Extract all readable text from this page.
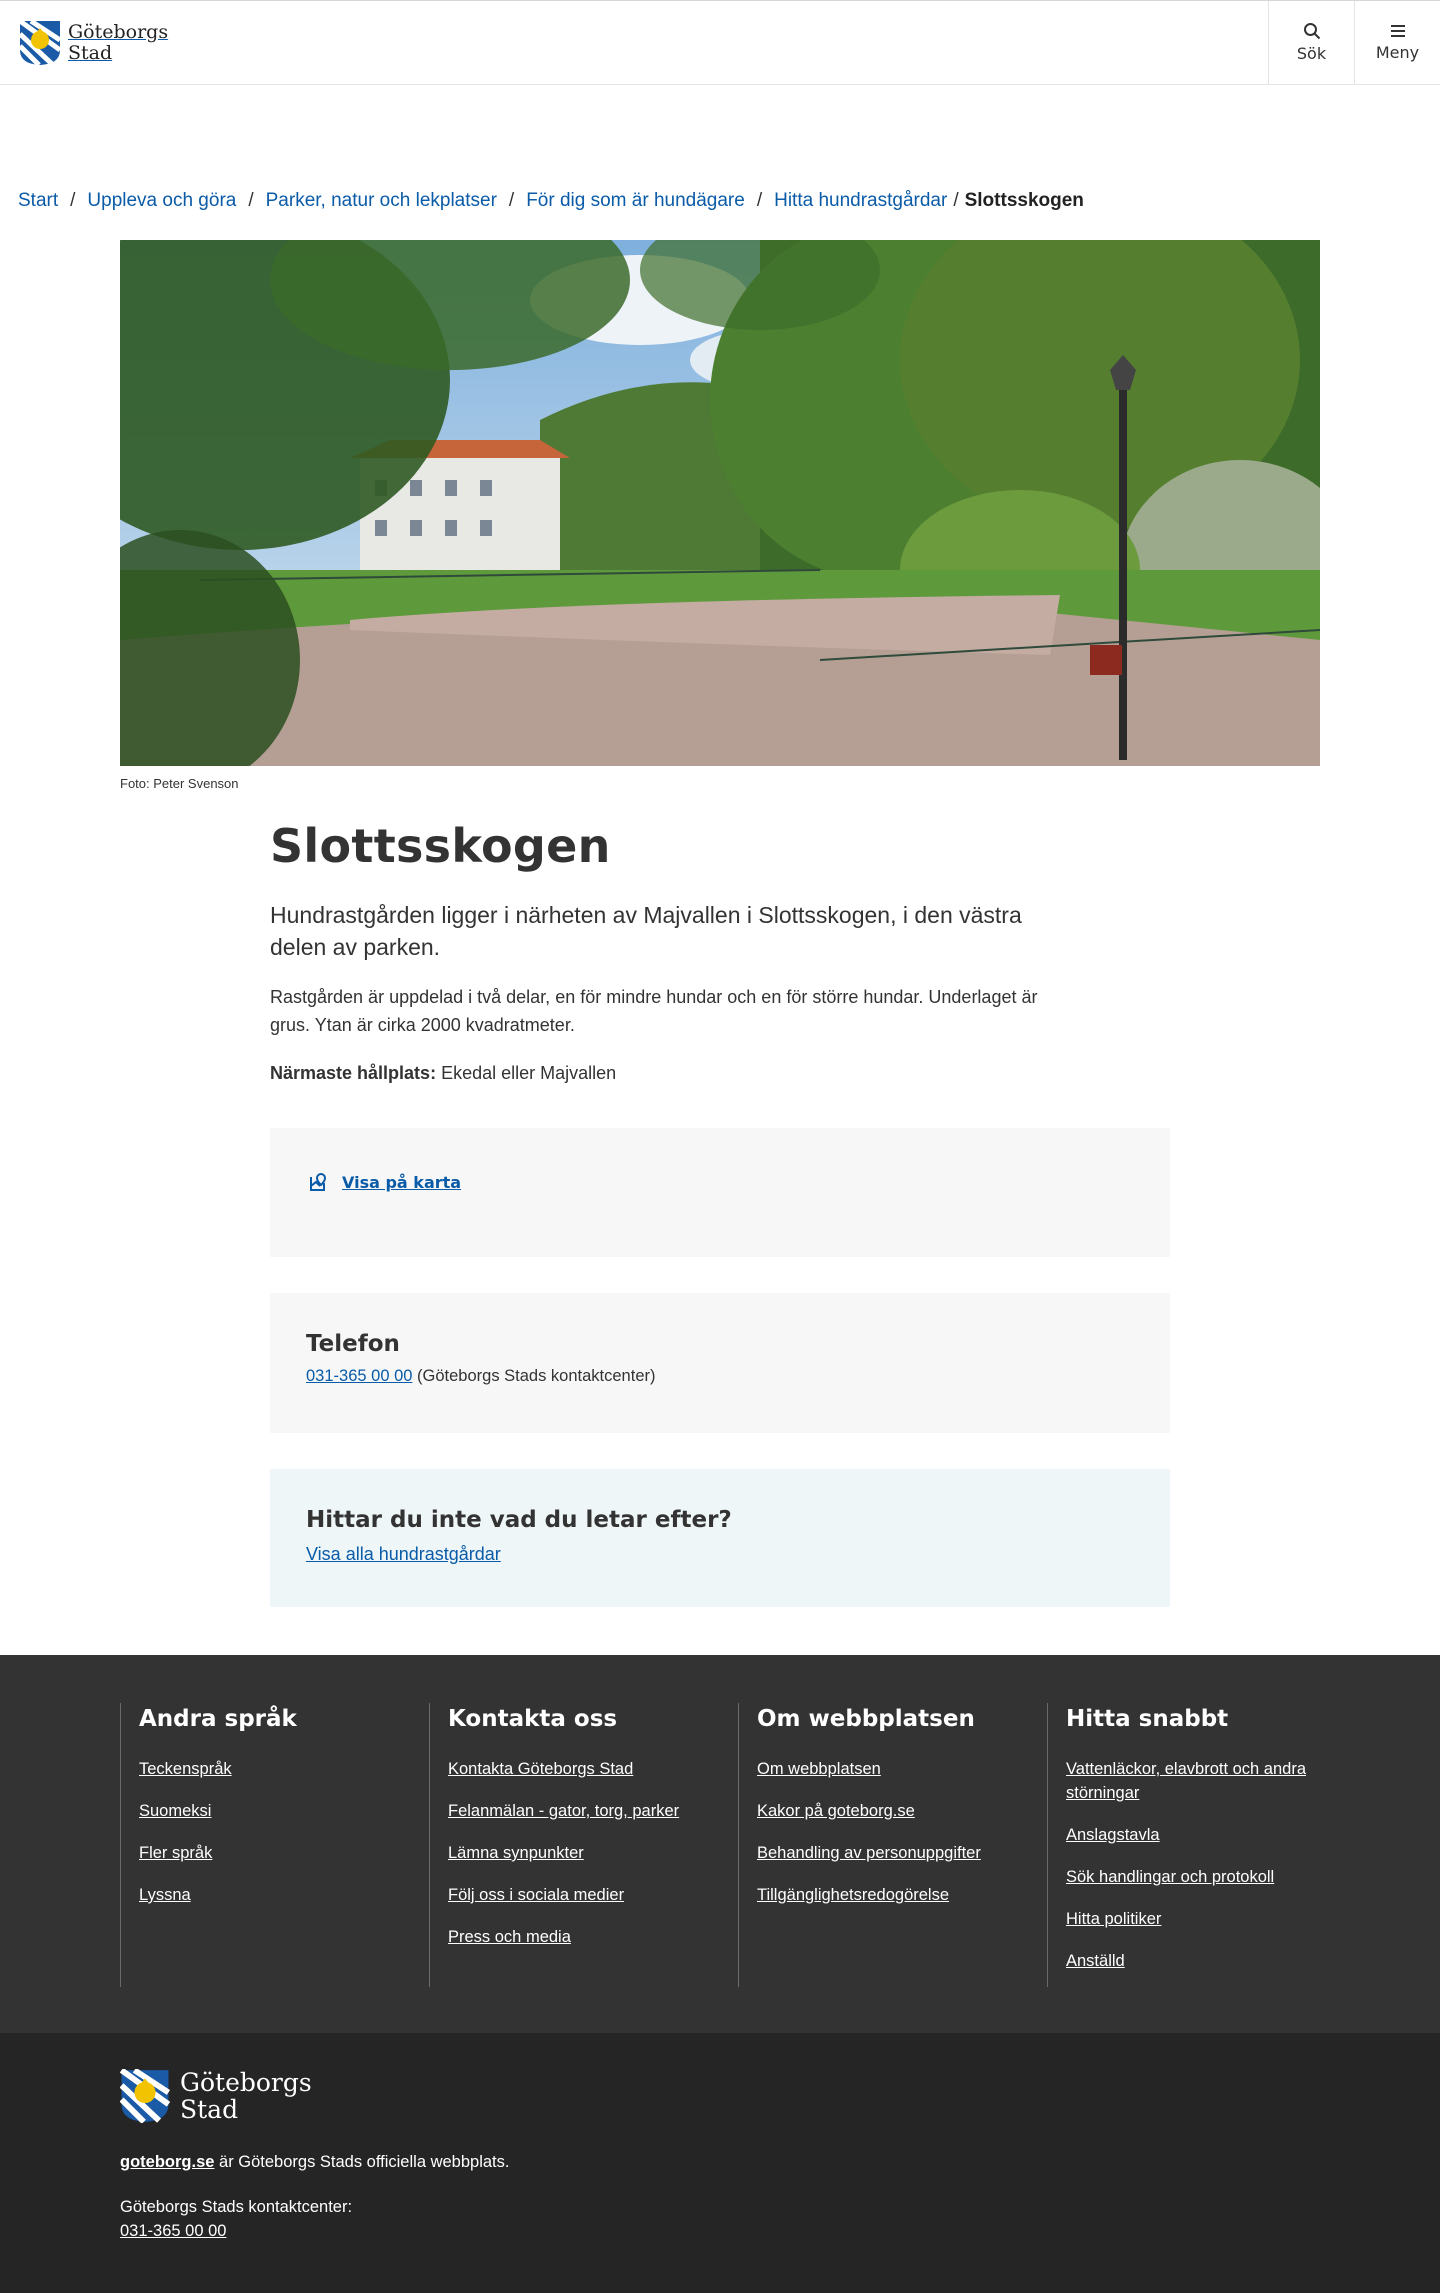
Göteborgs
Stad	Sök	Meny
Start / Uppleva och göra / Parker, natur och lekplatser / För dig som är hundägare / Hitta hundrastgårdar / Slottsskogen
Foto: Peter Svenson
Slottsskogen

Hundrastgården ligger i närheten av Majvallen i Slottsskogen, i den västra delen av parken.

Rastgården är uppdelad i två delar, en för mindre hundar och en för större hundar. Underlaget är grus. Ytan är cirka 2000 kvadratmeter.

Närmaste hållplats: Ekedal eller Majvallen

Visa på karta
Telefon
031-365 00 00 (Göteborgs Stads kontaktcenter)
Hittar du inte vad du letar efter?
Visa alla hundrastgårdar
Andra språk
Teckenspråk
Suomeksi
Fler språk
Lyssna
Kontakta oss
Kontakta Göteborgs Stad
Felanmälan - gator, torg, parker
Lämna synpunkter
Följ oss i sociala medier
Press och media
Om webbplatsen
Om webbplatsen
Kakor på goteborg.se
Behandling av personuppgifter
Tillgänglighetsredogörelse
Hitta snabbt
Vattenläckor, elavbrott och andra störningar
Anslagstavla
Sök handlingar och protokoll
Hitta politiker
Anställd
Göteborgs
Stad
goteborg.se är Göteborgs Stads officiella webbplats.
Göteborgs Stads kontaktcenter:
031-365 00 00
